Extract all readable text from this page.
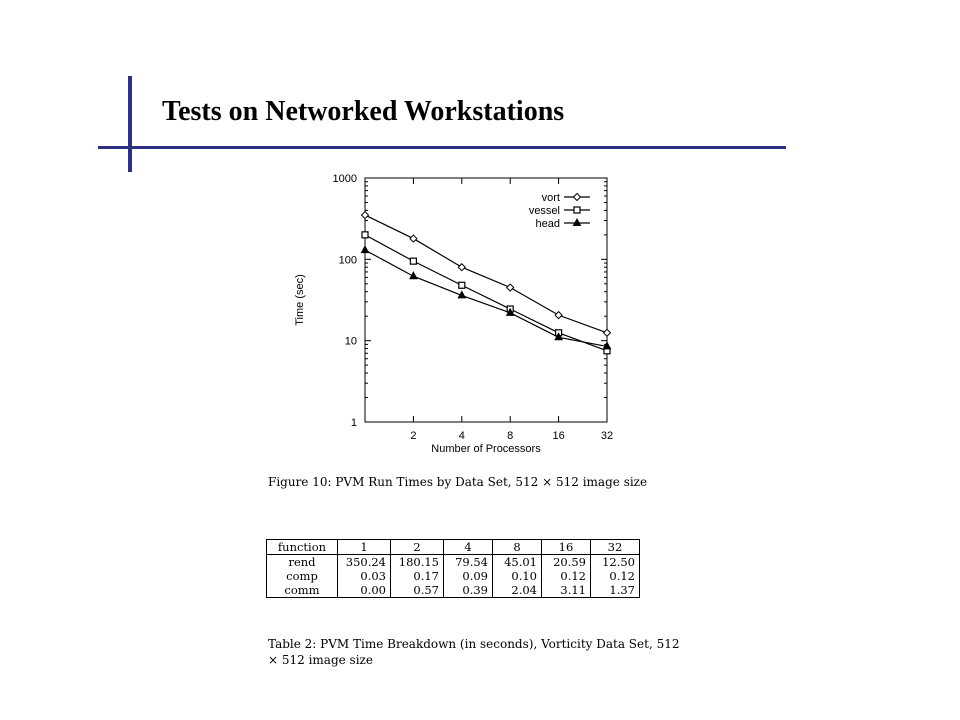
Tests on Networked Workstations
1
10
100
1000
2	4	8	16	32
Number of Processors
Time (sec)
vort
vessel
head
Figure 10: PVM Run Times by Data Set, 512 × 512 image size
function	1	2	4	8	16	32
rend	350.24	180.15	79.54	45.01	20.59	12.50
comp	0.03	0.17	0.09	0.10	0.12	0.12
comm	0.00	0.57	0.39	2.04	3.11	1.37
Table 2: PVM Time Breakdown (in seconds), Vorticity Data Set, 512 × 512 image size
